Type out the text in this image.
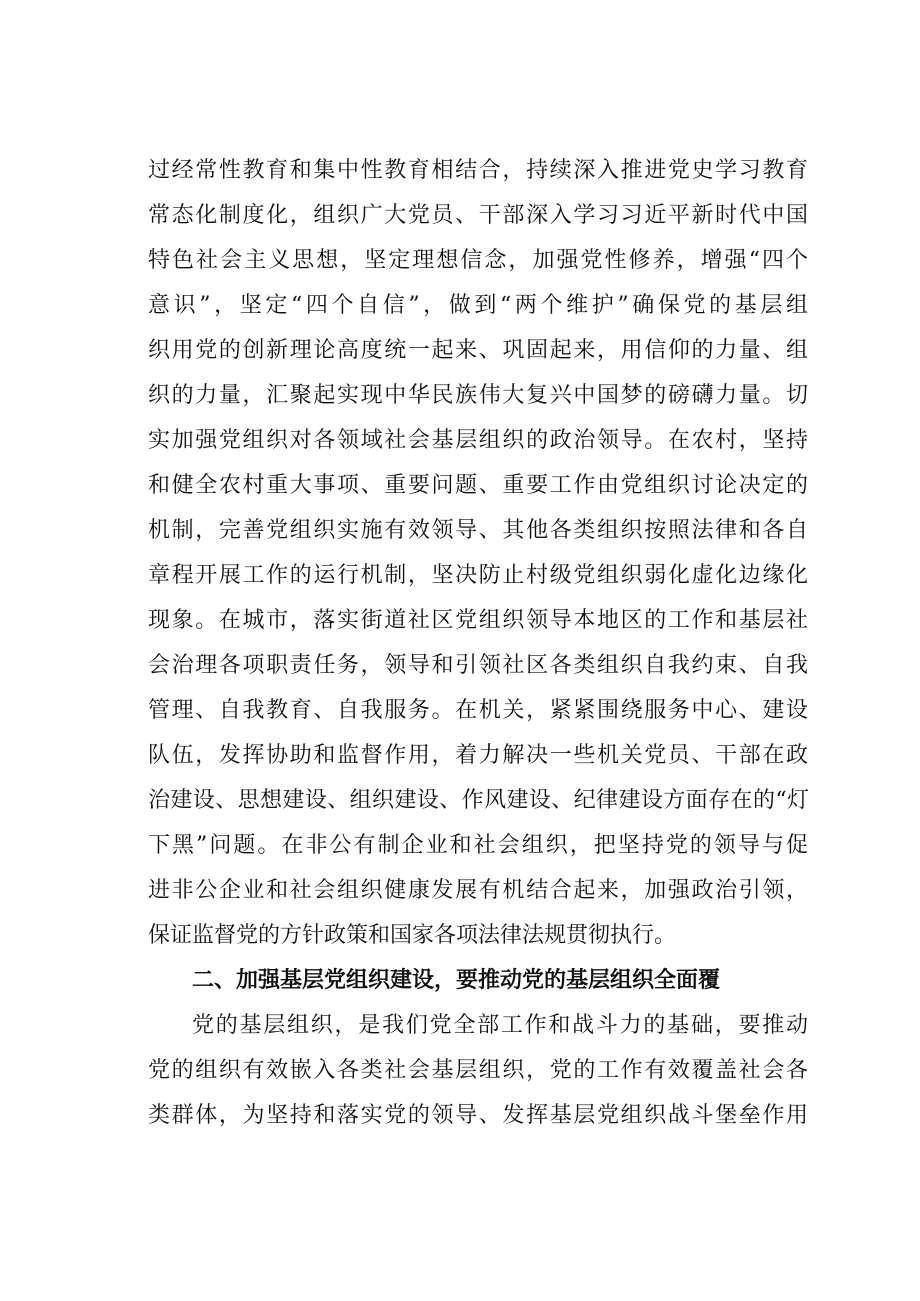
过经常性教育和集中性教育相结合，持续深入推进党史学习教育
常态化制度化，组织广大党员、干部深入学习习近平新时代中国
特色社会主义思想，坚定理想信念，加强党性修养，增强“四个
意识”，坚定“四个自信”，做到“两个维护”确保党的基层组
织用党的创新理论高度统一起来、巩固起来，用信仰的力量、组
织的力量，汇聚起实现中华民族伟大复兴中国梦的磅礴力量。切
实加强党组织对各领域社会基层组织的政治领导。在农村，坚持
和健全农村重大事项、重要问题、重要工作由党组织讨论决定的
机制，完善党组织实施有效领导、其他各类组织按照法律和各自
章程开展工作的运行机制，坚决防止村级党组织弱化虚化边缘化
现象。在城市，落实街道社区党组织领导本地区的工作和基层社
会治理各项职责任务，领导和引领社区各类组织自我约束、自我
管理、自我教育、自我服务。在机关，紧紧围绕服务中心、建设
队伍，发挥协助和监督作用，着力解决一些机关党员、干部在政
治建设、思想建设、组织建设、作风建设、纪律建设方面存在的“灯
下黑”问题。在非公有制企业和社会组织，把坚持党的领导与促
进非公企业和社会组织健康发展有机结合起来，加强政治引领，
保证监督党的方针政策和国家各项法律法规贯彻执行。
二、加强基层党组织建设，要推动党的基层组织全面覆
党的基层组织，是我们党全部工作和战斗力的基础，要推动
党的组织有效嵌入各类社会基层组织，党的工作有效覆盖社会各
类群体，为坚持和落实党的领导、发挥基层党组织战斗堡垒作用
